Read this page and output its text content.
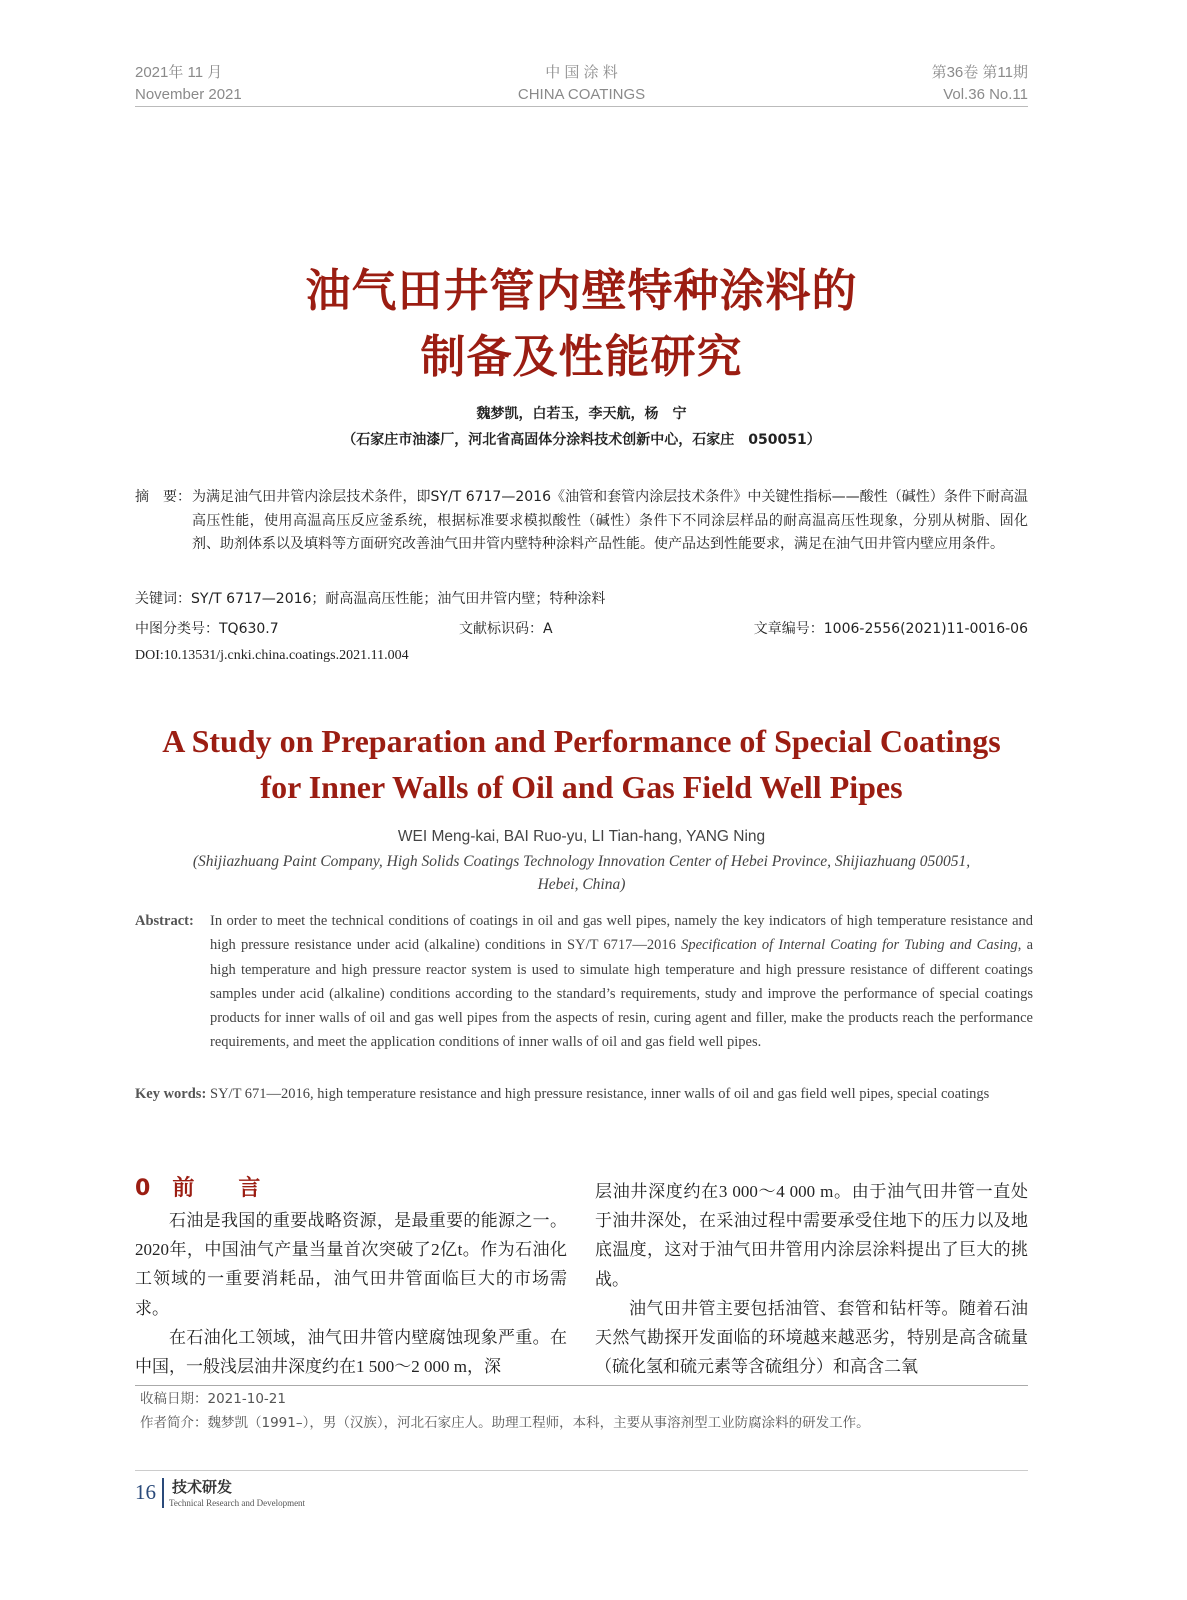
2021年 11 月
November 2021
中 国 涂 料
CHINA COATINGS
第36卷 第11期
Vol.36 No.11
油气田井管内壁特种涂料的
制备及性能研究
魏梦凯，白若玉，李天航，杨　宁
（石家庄市油漆厂，河北省高固体分涂料技术创新中心，石家庄　050051）
摘　要： 为满足油气田井管内涂层技术条件，即SY/T 6717—2016《油管和套管内涂层技术条件》中关键性指标——酸性（碱性）条件下耐高温高压性能，使用高温高压反应釜系统，根据标准要求模拟酸性（碱性）条件下不同涂层样品的耐高温高压性现象，分别从树脂、固化剂、助剂体系以及填料等方面研究改善油气田井管内壁特种涂料产品性能。使产品达到性能要求，满足在油气田井管内壁应用条件。
关键词：SY/T 6717—2016；耐高温高压性能；油气田井管内壁；特种涂料
中图分类号：TQ630.7	文献标识码：A	文章编号：1006-2556(2021)11-0016-06
DOI:10.13531/j.cnki.china.coatings.2021.11.004
A Study on Preparation and Performance of Special Coatings
for Inner Walls of Oil and Gas Field Well Pipes
WEI Meng-kai, BAI Ruo-yu, LI Tian-hang, YANG Ning
(Shijiazhuang Paint Company, High Solids Coatings Technology Innovation Center of Hebei Province, Shijiazhuang 050051,
Hebei, China)
Abstract:	In order to meet the technical conditions of coatings in oil and gas well pipes, namely the key indicators of high temperature resistance and high pressure resistance under acid (alkaline) conditions in SY/T 6717—2016 Specification of Internal Coating for Tubing and Casing, a high temperature and high pressure reactor system is used to simulate high temperature and high pressure resistance of different coatings samples under acid (alkaline) conditions according to the standard’s requirements, study and improve the performance of special coatings products for inner walls of oil and gas well pipes from the aspects of resin, curing agent and filler, make the products reach the performance requirements, and meet the application conditions of inner walls of oil and gas field well pipes.
Key words: SY/T 671—2016, high temperature resistance and high pressure resistance, inner walls of oil and gas field well pipes, special coatings
0 前　　言

石油是我国的重要战略资源，是最重要的能源之一。2020年，中国油气产量当量首次突破了2亿t。作为石油化工领域的一重要消耗品，油气田井管面临巨大的市场需求。

在石油化工领域，油气田井管内壁腐蚀现象严重。在中国，一般浅层油井深度约在1 500～2 000 m，深

层油井深度约在3 000～4 000 m。由于油气田井管一直处于油井深处，在采油过程中需要承受住地下的压力以及地底温度，这对于油气田井管用内涂层涂料提出了巨大的挑战。

油气田井管主要包括油管、套管和钻杆等。随着石油天然气勘探开发面临的环境越来越恶劣，特别是高含硫量（硫化氢和硫元素等含硫组分）和高含二氧

收稿日期：2021-10-21
作者简介：魏梦凯（1991–），男（汉族），河北石家庄人。助理工程师，本科，主要从事溶剂型工业防腐涂料的研发工作。
16 技术研发
Technical Research and Development
